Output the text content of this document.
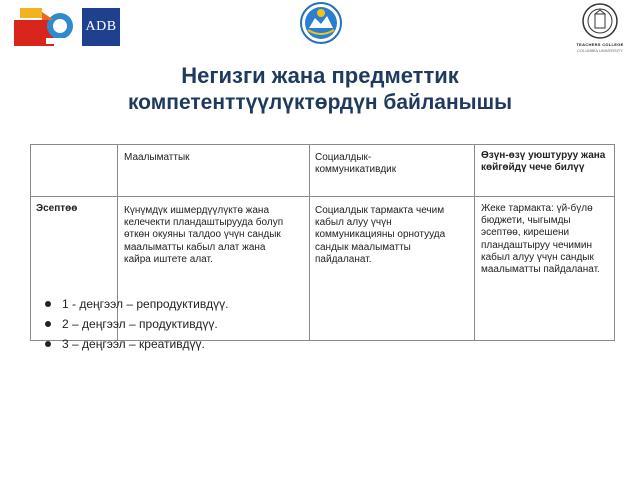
ADB
TEACHERS COLLEGE
COLUMBIA UNIVERSITY
Негизги жана предметтик
компетенттүүлүктөрдүн байланышы
Маалыматтык	Социалдык-коммуникативдик
Өзүн-өзү уюштуруу жана көйгөйдү чече билүү
Эсептөө	Күнүмдүк ишмердүүлүктө жана келечекти пландаштырууда болуп өткөн окуяны талдоо үчүн сандык маалыматты кабыл алат жана кайра иштете алат.
Социалдык тармакта чечим кабыл алуу үчүн коммуникацияны орнотууда сандык маалыматты пайдаланат.
Жеке тармакта: үй-бүлө бюджети, чыгымды эсептөө, кирешени пландаштыруу чечимин кабыл алуу үчүн сандык маалыматты пайдаланат.
1 - деңгээл – репродуктивдүү.
2 – деңгээл – продуктивдүү.
3 – деңгээл – креативдүү.
